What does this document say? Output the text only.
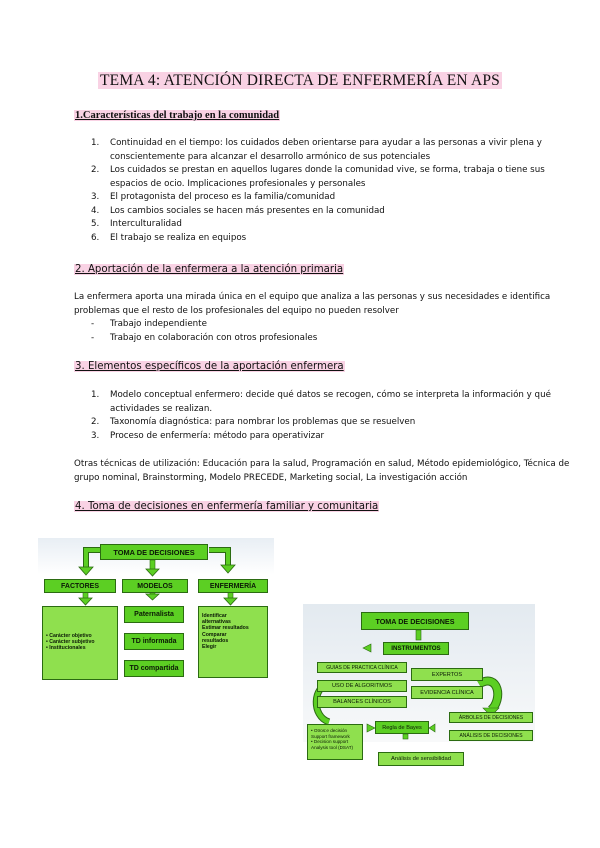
TEMA 4: ATENCIÓN DIRECTA DE ENFERMERÍA EN APS
1.Características del trabajo en la comunidad
1. Continuidad en el tiempo: los cuidados deben orientarse para ayudar a las personas a vivir plena y conscientemente para alcanzar el desarrollo armónico de sus potenciales
2. Los cuidados se prestan en aquellos lugares donde la comunidad vive, se forma, trabaja o tiene sus espacios de ocio. Implicaciones profesionales y personales
3. El protagonista del proceso es la familia/comunidad
4. Los cambios sociales se hacen más presentes en la comunidad
5. Interculturalidad
6. El trabajo se realiza en equipos
2. Aportación de la enfermera a la atención primaria
La enfermera aporta una mirada única en el equipo que analiza a las personas y sus necesidades e identifica problemas que el resto de los profesionales del equipo no pueden resolver
- Trabajo independiente
- Trabajo en colaboración con otros profesionales
3. Elementos específicos de la aportación enfermera
1. Modelo conceptual enfermero: decide qué datos se recogen, cómo se interpreta la información y qué actividades se realizan.
2. Taxonomía diagnóstica: para nombrar los problemas que se resuelven
3. Proceso de enfermería: método para operativizar
Otras técnicas de utilización: Educación para la salud, Programación en salud, Método epidemiológico, Técnica de grupo nominal, Brainstorming, Modelo PRECEDE, Marketing social, La investigación acción
4. Toma de decisiones en enfermería familiar y comunitaria
TOMA DE DECISIONES
FACTORES	MODELOS	ENFERMERÍA
• Carácter objetivo
• Carácter subjetivo
• Institucionales
Paternalista
TD informada
TD compartida
Identificar
alternativas
Estimar resultados
Comparar
resultados
Elegir
TOMA DE DECISIONES
INSTRUMENTOS
GUIAS DE PRACTICA CLÍNICA
EXPERTOS
USO DE ALGORITMOS
EVIDENCIA CLÍNICA
BALANCES CLÍNICOS
ÁRBOLES DE DECISIONES
ANÁLISIS DE DECISIONES
Regla de Bayes
• Otros:e decisión
Support framework
• Decision support
Analysis tool (DSAT)
Análisis de sensibilidad
